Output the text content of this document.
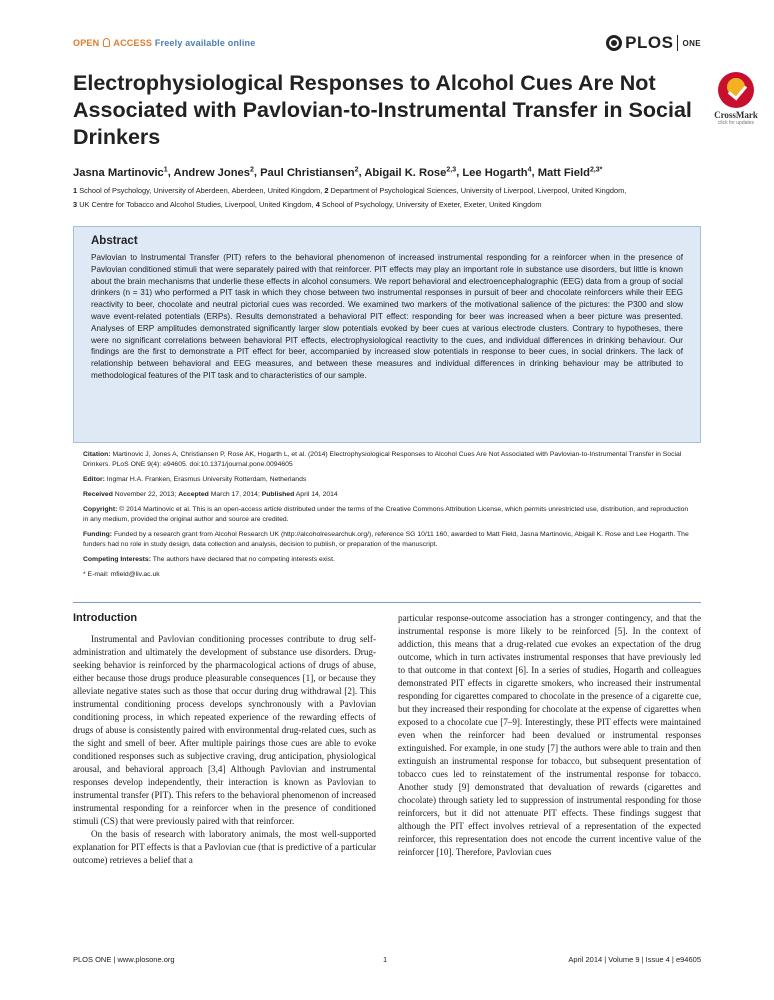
OPEN ACCESS Freely available online	PLOS ONE
Electrophysiological Responses to Alcohol Cues Are Not Associated with Pavlovian-to-Instrumental Transfer in Social Drinkers
CrossMark
click for updates
Jasna Martinovic$^1$, Andrew Jones$^2$, Paul Christiansen$^2$, Abigail K. Rose$^{2,3}$, Lee Hogarth$^4$, Matt Field$^{2,3*}$
1 School of Psychology, University of Aberdeen, Aberdeen, United Kingdom, 2 Department of Psychological Sciences, University of Liverpool, Liverpool, United Kingdom,
3 UK Centre for Tobacco and Alcohol Studies, Liverpool, United Kingdom, 4 School of Psychology, University of Exeter, Exeter, United Kingdom
Abstract

Pavlovian to Instrumental Transfer (PIT) refers to the behavioral phenomenon of increased instrumental responding for a reinforcer when in the presence of Pavlovian conditioned stimuli that were separately paired with that reinforcer. PIT effects may play an important role in substance use disorders, but little is known about the brain mechanisms that underlie these effects in alcohol consumers. We report behavioral and electroencephalographic (EEG) data from a group of social drinkers (n = 31) who performed a PIT task in which they chose between two instrumental responses in pursuit of beer and chocolate reinforcers while their EEG reactivity to beer, chocolate and neutral pictorial cues was recorded. We examined two markers of the motivational salience of the pictures: the P300 and slow wave event-related potentials (ERPs). Results demonstrated a behavioral PIT effect: responding for beer was increased when a beer picture was presented. Analyses of ERP amplitudes demonstrated significantly larger slow potentials evoked by beer cues at various electrode clusters. Contrary to hypotheses, there were no significant correlations between behavioral PIT effects, electrophysiological reactivity to the cues, and individual differences in drinking behaviour. Our findings are the first to demonstrate a PIT effect for beer, accompanied by increased slow potentials in response to beer cues, in social drinkers. The lack of relationship between behavioral and EEG measures, and between these measures and individual differences in drinking behaviour may be attributed to methodological features of the PIT task and to characteristics of our sample.

Citation: Martinovic J, Jones A, Christiansen P, Rose AK, Hogarth L, et al. (2014) Electrophysiological Responses to Alcohol Cues Are Not Associated with Pavlovian-to-Instrumental Transfer in Social Drinkers. PLoS ONE 9(4): e94605. doi:10.1371/journal.pone.0094605
Editor: Ingmar H.A. Franken, Erasmus University Rotterdam, Netherlands
Received November 22, 2013; Accepted March 17, 2014; Published April 14, 2014
Copyright: © 2014 Martinovic et al. This is an open-access article distributed under the terms of the Creative Commons Attribution License, which permits unrestricted use, distribution, and reproduction in any medium, provided the original author and source are credited.
Funding: Funded by a research grant from Alcohol Research UK (http://alcoholresearchuk.org/), reference SG 10/11 160, awarded to Matt Field, Jasna Martinovic, Abigail K. Rose and Lee Hogarth. The funders had no role in study design, data collection and analysis, decision to publish, or preparation of the manuscript.
Competing Interests: The authors have declared that no competing interests exist.
* E-mail: mfield@liv.ac.uk
Introduction

Instrumental and Pavlovian conditioning processes contribute to drug self-administration and ultimately the development of substance use disorders. Drug-seeking behavior is reinforced by the pharmacological actions of drugs of abuse, either because those drugs produce pleasurable consequences [1], or because they alleviate negative states such as those that occur during drug withdrawal [2]. This instrumental conditioning process develops synchronously with a Pavlovian conditioning process, in which repeated experience of the rewarding effects of drugs of abuse is consistently paired with environmental drug-related cues, such as the sight and smell of beer. After multiple pairings those cues are able to evoke conditioned responses such as subjective craving, drug anticipation, physiological arousal, and behavioral approach [3,4] Although Pavlovian and instrumental responses develop independently, their interaction is known as Pavlovian to instrumental transfer (PIT). This refers to the behavioral phenomenon of increased instrumental responding for a reinforcer when in the presence of conditioned stimuli (CS) that were previously paired with that reinforcer.

On the basis of research with laboratory animals, the most well-supported explanation for PIT effects is that a Pavlovian cue (that is predictive of a particular outcome) retrieves a belief that a

particular response-outcome association has a stronger contingency, and that the instrumental response is more likely to be reinforced [5]. In the context of addiction, this means that a drug-related cue evokes an expectation of the drug outcome, which in turn activates instrumental responses that have previously led to that outcome in that context [6]. In a series of studies, Hogarth and colleagues demonstrated PIT effects in cigarette smokers, who increased their instrumental responding for cigarettes compared to chocolate in the presence of a cigarette cue, but they increased their responding for chocolate at the expense of cigarettes when exposed to a chocolate cue [7–9]. Interestingly, these PIT effects were maintained even when the reinforcer had been devalued or instrumental responses extinguished. For example, in one study [7] the authors were able to train and then extinguish an instrumental response for tobacco, but subsequent presentation of tobacco cues led to reinstatement of the instrumental response for tobacco. Another study [9] demonstrated that devaluation of rewards (cigarettes and chocolate) through satiety led to suppression of instrumental responding for those reinforcers, but it did not attenuate PIT effects. These findings suggest that although the PIT effect involves retrieval of a representation of the expected reinforcer, this representation does not encode the current incentive value of the reinforcer [10]. Therefore, Pavlovian cues

PLOS ONE | www.plosone.org	1	April 2014 | Volume 9 | Issue 4 | e94605
